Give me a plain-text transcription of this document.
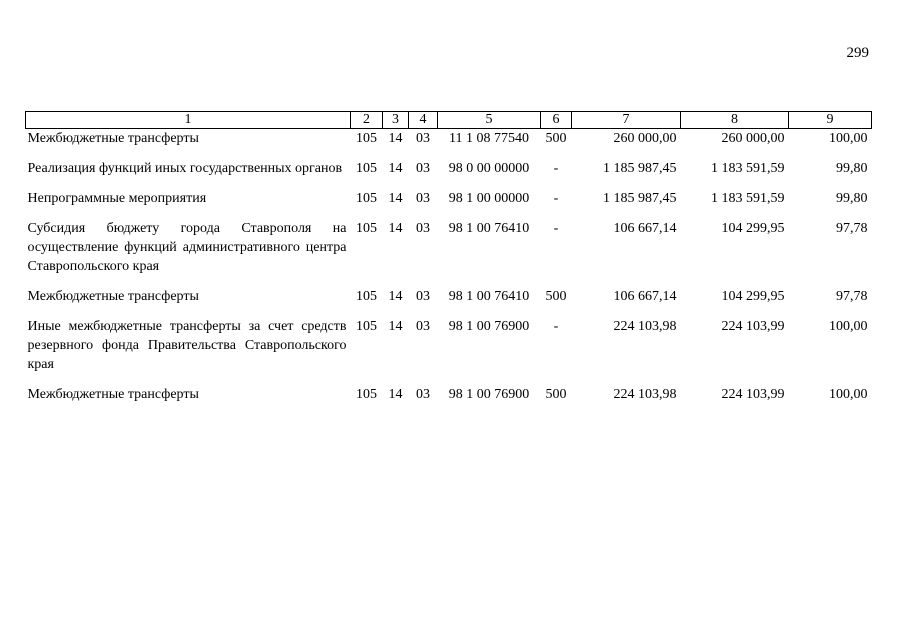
299
1	2	3	4	5	6	7	8	9
Межбюджетные трансферты	105	14	03	11 1 08 77540	500	260 000,00	260 000,00	100,00
Реализация функций иных государственных органов	105	14	03	98 0 00 00000	-	1 185 987,45	1 183 591,59	99,80
Непрограммные мероприятия	105	14	03	98 1 00 00000	-	1 185 987,45	1 183 591,59	99,80
Субсидия бюджету города Ставрополя на осуществление функций административного центра Ставропольского края	105	14	03	98 1 00 76410	-	106 667,14	104 299,95	97,78
Межбюджетные трансферты	105	14	03	98 1 00 76410	500	106 667,14	104 299,95	97,78
Иные межбюджетные трансферты за счет средств резервного фонда Правительства Ставропольского края	105	14	03	98 1 00 76900	-	224 103,98	224 103,99	100,00
Межбюджетные трансферты	105	14	03	98 1 00 76900	500	224 103,98	224 103,99	100,00
